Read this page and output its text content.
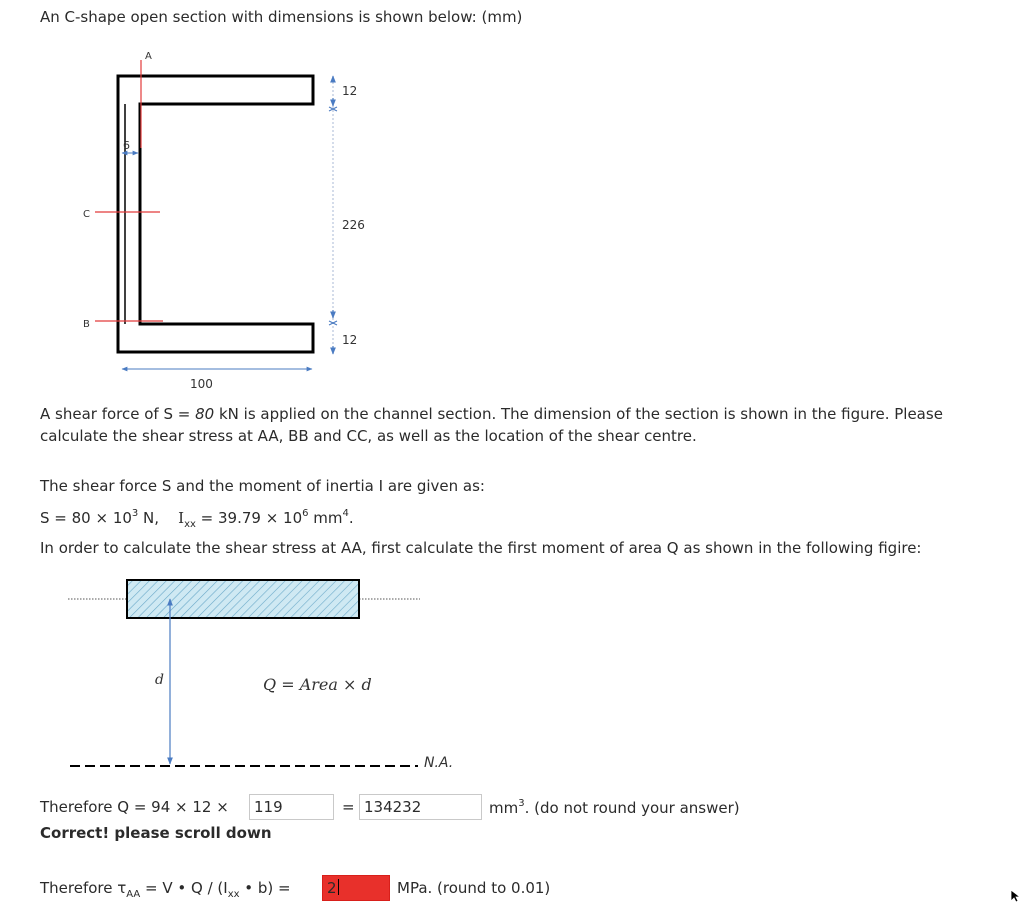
An C-shape open section with dimensions is shown below: (mm)
A
C
B
12
226
12
6
100
A shear force of S = 80 kN is applied on the channel section. The dimension of the section is shown in the figure. Please calculate the shear stress at AA, BB and CC, as well as the location of the shear centre.
The shear force S and the moment of inertia I are given as:
$S = 80 \times 10^3$ N, $I_{xx} = 39.79 \times 10^6$ $mm^4$.
In order to calculate the shear stress at AA, first calculate the first moment of area Q as shown in the following figire:
d	Q = Area × d
N.A.
Therefore Q = 94 × 12 ×	119	= 134232	$mm^3$. (do not round your answer)
Correct! please scroll down
Therefore $\tau_{AA} = V$ • Q / ($I_{xx}$ • b) =	2	MPa. (round to 0.01)
